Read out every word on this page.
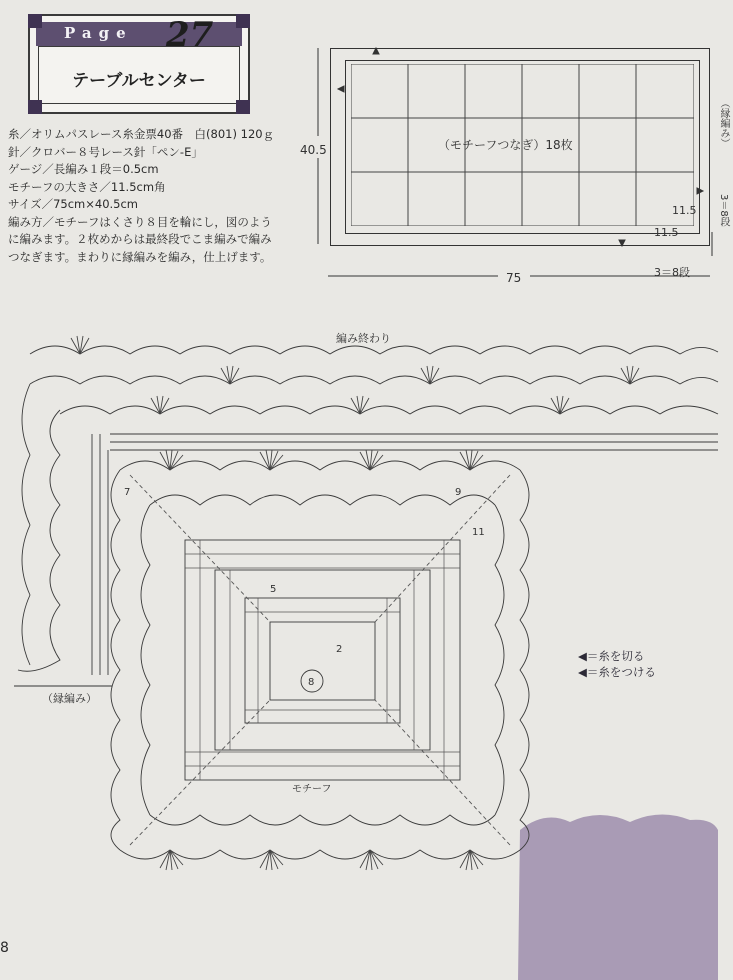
Page 27
テーブルセンター
糸／オリムパスレース糸金票40番　白(801) 120ｇ
針／クロバー８号レース針「ペン-E」
ゲージ／長編み１段＝0.5cm
モチーフの大きさ／11.5cm角
サイズ／75cm×40.5cm
編み方／モチーフはくさり８目を輪にし，図のように編みます。２枚めからは最終段でこま編みで編みつなぎます。まわりに縁編みを編み，仕上げます。
（モチーフつなぎ）18枚
40.5
75
11.5
11.5
3＝8段
3＝8段
（縁編み）
編み終わり
（縁編み）
モチーフ
8
2
5
7	9
11
◀＝糸を切る
◀＝糸をつける
8
